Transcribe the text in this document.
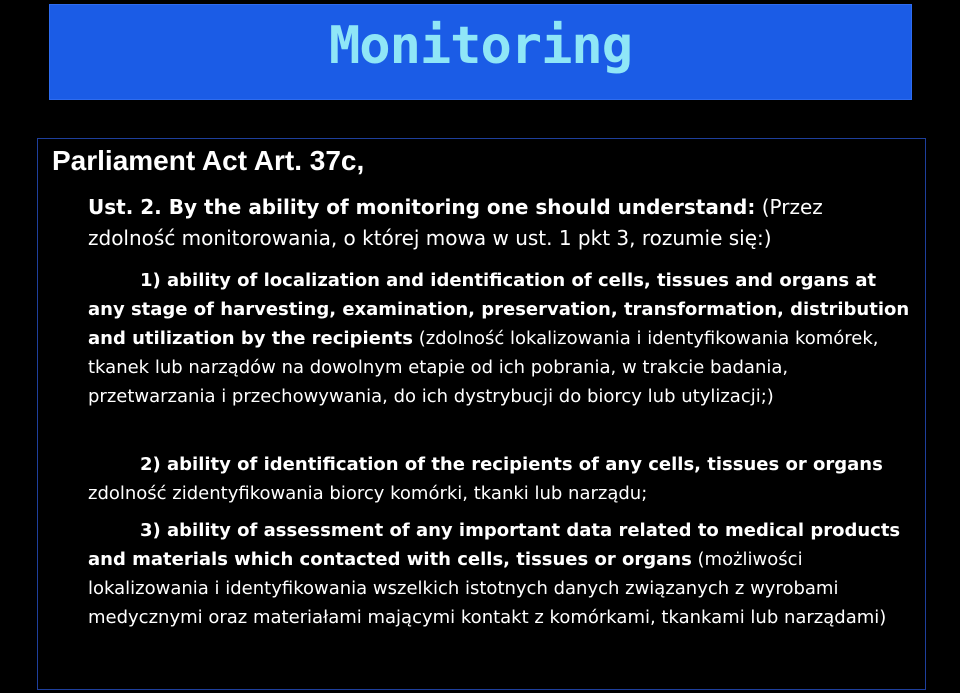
Monitoring
Parliament Act Art. 37c,

Ust. 2. By the ability of monitoring one should understand: (Przez zdolność monitorowania, o której mowa w ust. 1 pkt 3, rozumie się:)

1) ability of localization and identification of cells, tissues and organs at any stage of harvesting, examination, preservation, transformation, distribution and utilization by the recipients (zdolność lokalizowania i identyfikowania komórek, tkanek lub narządów na dowolnym etapie od ich pobrania, w trakcie badania, przetwarzania i przechowywania, do ich dystrybucji do biorcy lub utylizacji;)

2) ability of identification of the recipients of any cells, tissues or organs zdolność zidentyfikowania biorcy komórki, tkanki lub narządu;

3) ability of assessment of any important data related to medical products and materials which contacted with cells, tissues or organs (możliwości lokalizowania i identyfikowania wszelkich istotnych danych związanych z wyrobami medycznymi oraz materiałami mającymi kontakt z komórkami, tkankami lub narządami)
